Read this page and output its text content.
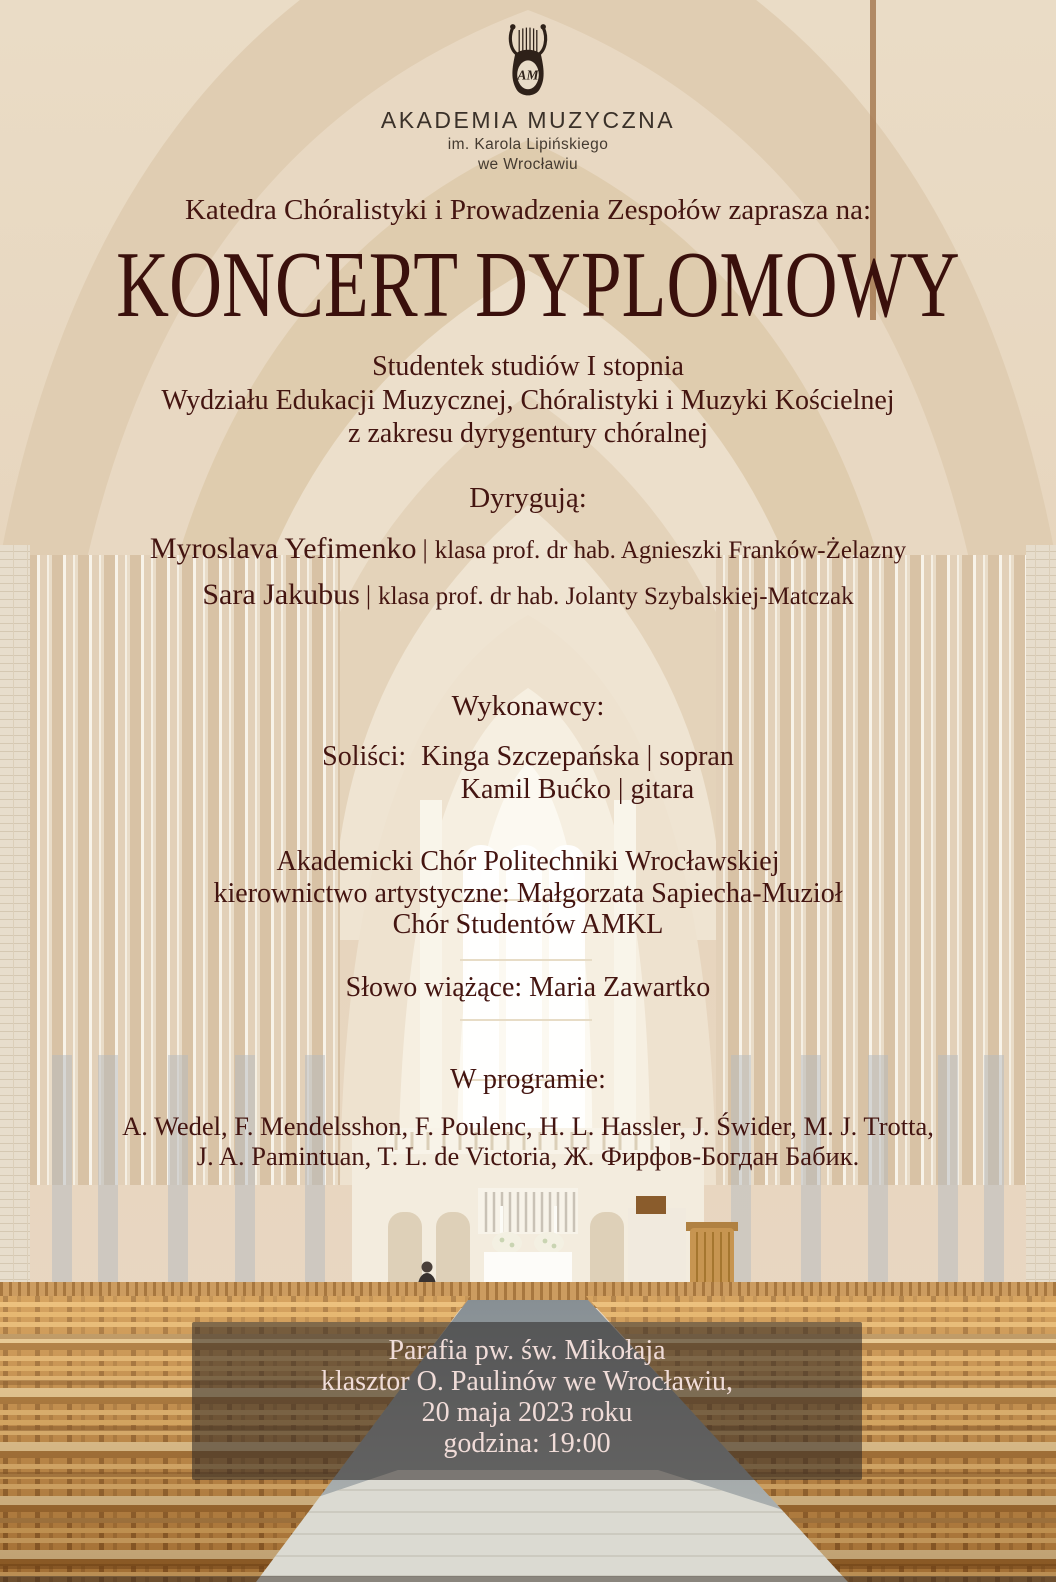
AM
AKADEMIA MUZYCZNA
im. Karola Lipińskiego
we Wrocławiu
Katedra Chóralistyki i Prowadzenia Zespołów zaprasza na:
KONCERT DYPLOMOWY
Studentek studiów I stopnia
Wydziału Edukacji Muzycznej, Chóralistyki i Muzyki Kościelnej
z zakresu dyrygentury chóralnej
Dyrygują:
Myroslava Yefimenko | klasa prof. dr hab. Agnieszki Franków-Żelazny
Sara Jakubus | klasa prof. dr hab. Jolanty Szybalskiej-Matczak
Wykonawcy:
Soliści: Kinga Szczepańska | sopran
Kamil Bućko | gitara
Akademicki Chór Politechniki Wrocławskiej
kierownictwo artystyczne: Małgorzata Sapiecha-Muzioł
Chór Studentów AMKL
Słowo wiążące: Maria Zawartko
W programie:
A. Wedel, F. Mendelsshon, F. Poulenc, H. L. Hassler, J. Świder, M. J. Trotta,
J. A. Pamintuan, T. L. de Victoria, Ж. Фирфов-Богдан Бабик.
Parafia pw. św. Mikołaja
klasztor O. Paulinów we Wrocławiu,
20 maja 2023 roku
godzina: 19:00
